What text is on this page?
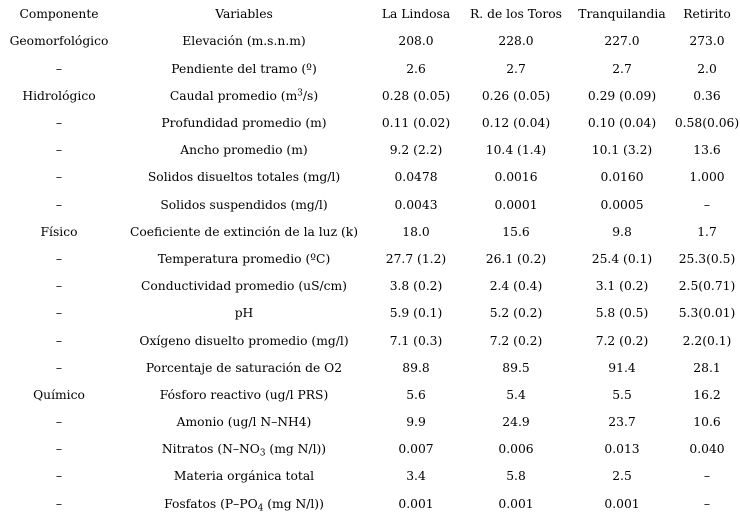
Componente	Variables	La Lindosa	R. de los Toros	Tranquilandia	Retirito
Geomorfológico	Elevación (m.s.n.m)	208.0	228.0	227.0	273.0
–	Pendiente del tramo (º)	2.6	2.7	2.7	2.0
Hidrológico	Caudal promedio $(m^3/s)$	0.28 (0.05)	0.26 (0.05)	0.29 (0.09)	0.36
–	Profundidad promedio (m)	0.11 (0.02)	0.12 (0.04)	0.10 (0.04)	0.58(0.06)
–	Ancho promedio (m)	9.2 (2.2)	10.4 (1.4)	10.1 (3.2)	13.6
–	Solidos disueltos totales (mg/l)	0.0478	0.0016	0.0160	1.000
–	Solidos suspendidos (mg/l)	0.0043	0.0001	0.0005	–
Físico	Coeficiente de extinción de la luz (k)	18.0	15.6	9.8	1.7
–	Temperatura promedio (ºC)	27.7 (1.2)	26.1 (0.2)	25.4 (0.1)	25.3(0.5)
–	Conductividad promedio (uS/cm)	3.8 (0.2)	2.4 (0.4)	3.1 (0.2)	2.5(0.71)
–	pH	5.9 (0.1)	5.2 (0.2)	5.8 (0.5)	5.3(0.01)
–	Oxígeno disuelto promedio (mg/l)	7.1 (0.3)	7.2 (0.2)	7.2 (0.2)	2.2(0.1)
–	Porcentaje de saturación de O2	89.8	89.5	91.4	28.1
Químico	Fósforo reactivo (ug/l PRS)	5.6	5.4	5.5	16.2
–	Amonio (ug/l N–NH4)	9.9	24.9	23.7	10.6
–	Nitratos ($N-NO_3$ (mg N/l))	0.007	0.006	0.013	0.040
–	Materia orgánica total	3.4	5.8	2.5	–
–	Fosfatos ($P-PO_4$ (mg N/l))	0.001	0.001	0.001	–
